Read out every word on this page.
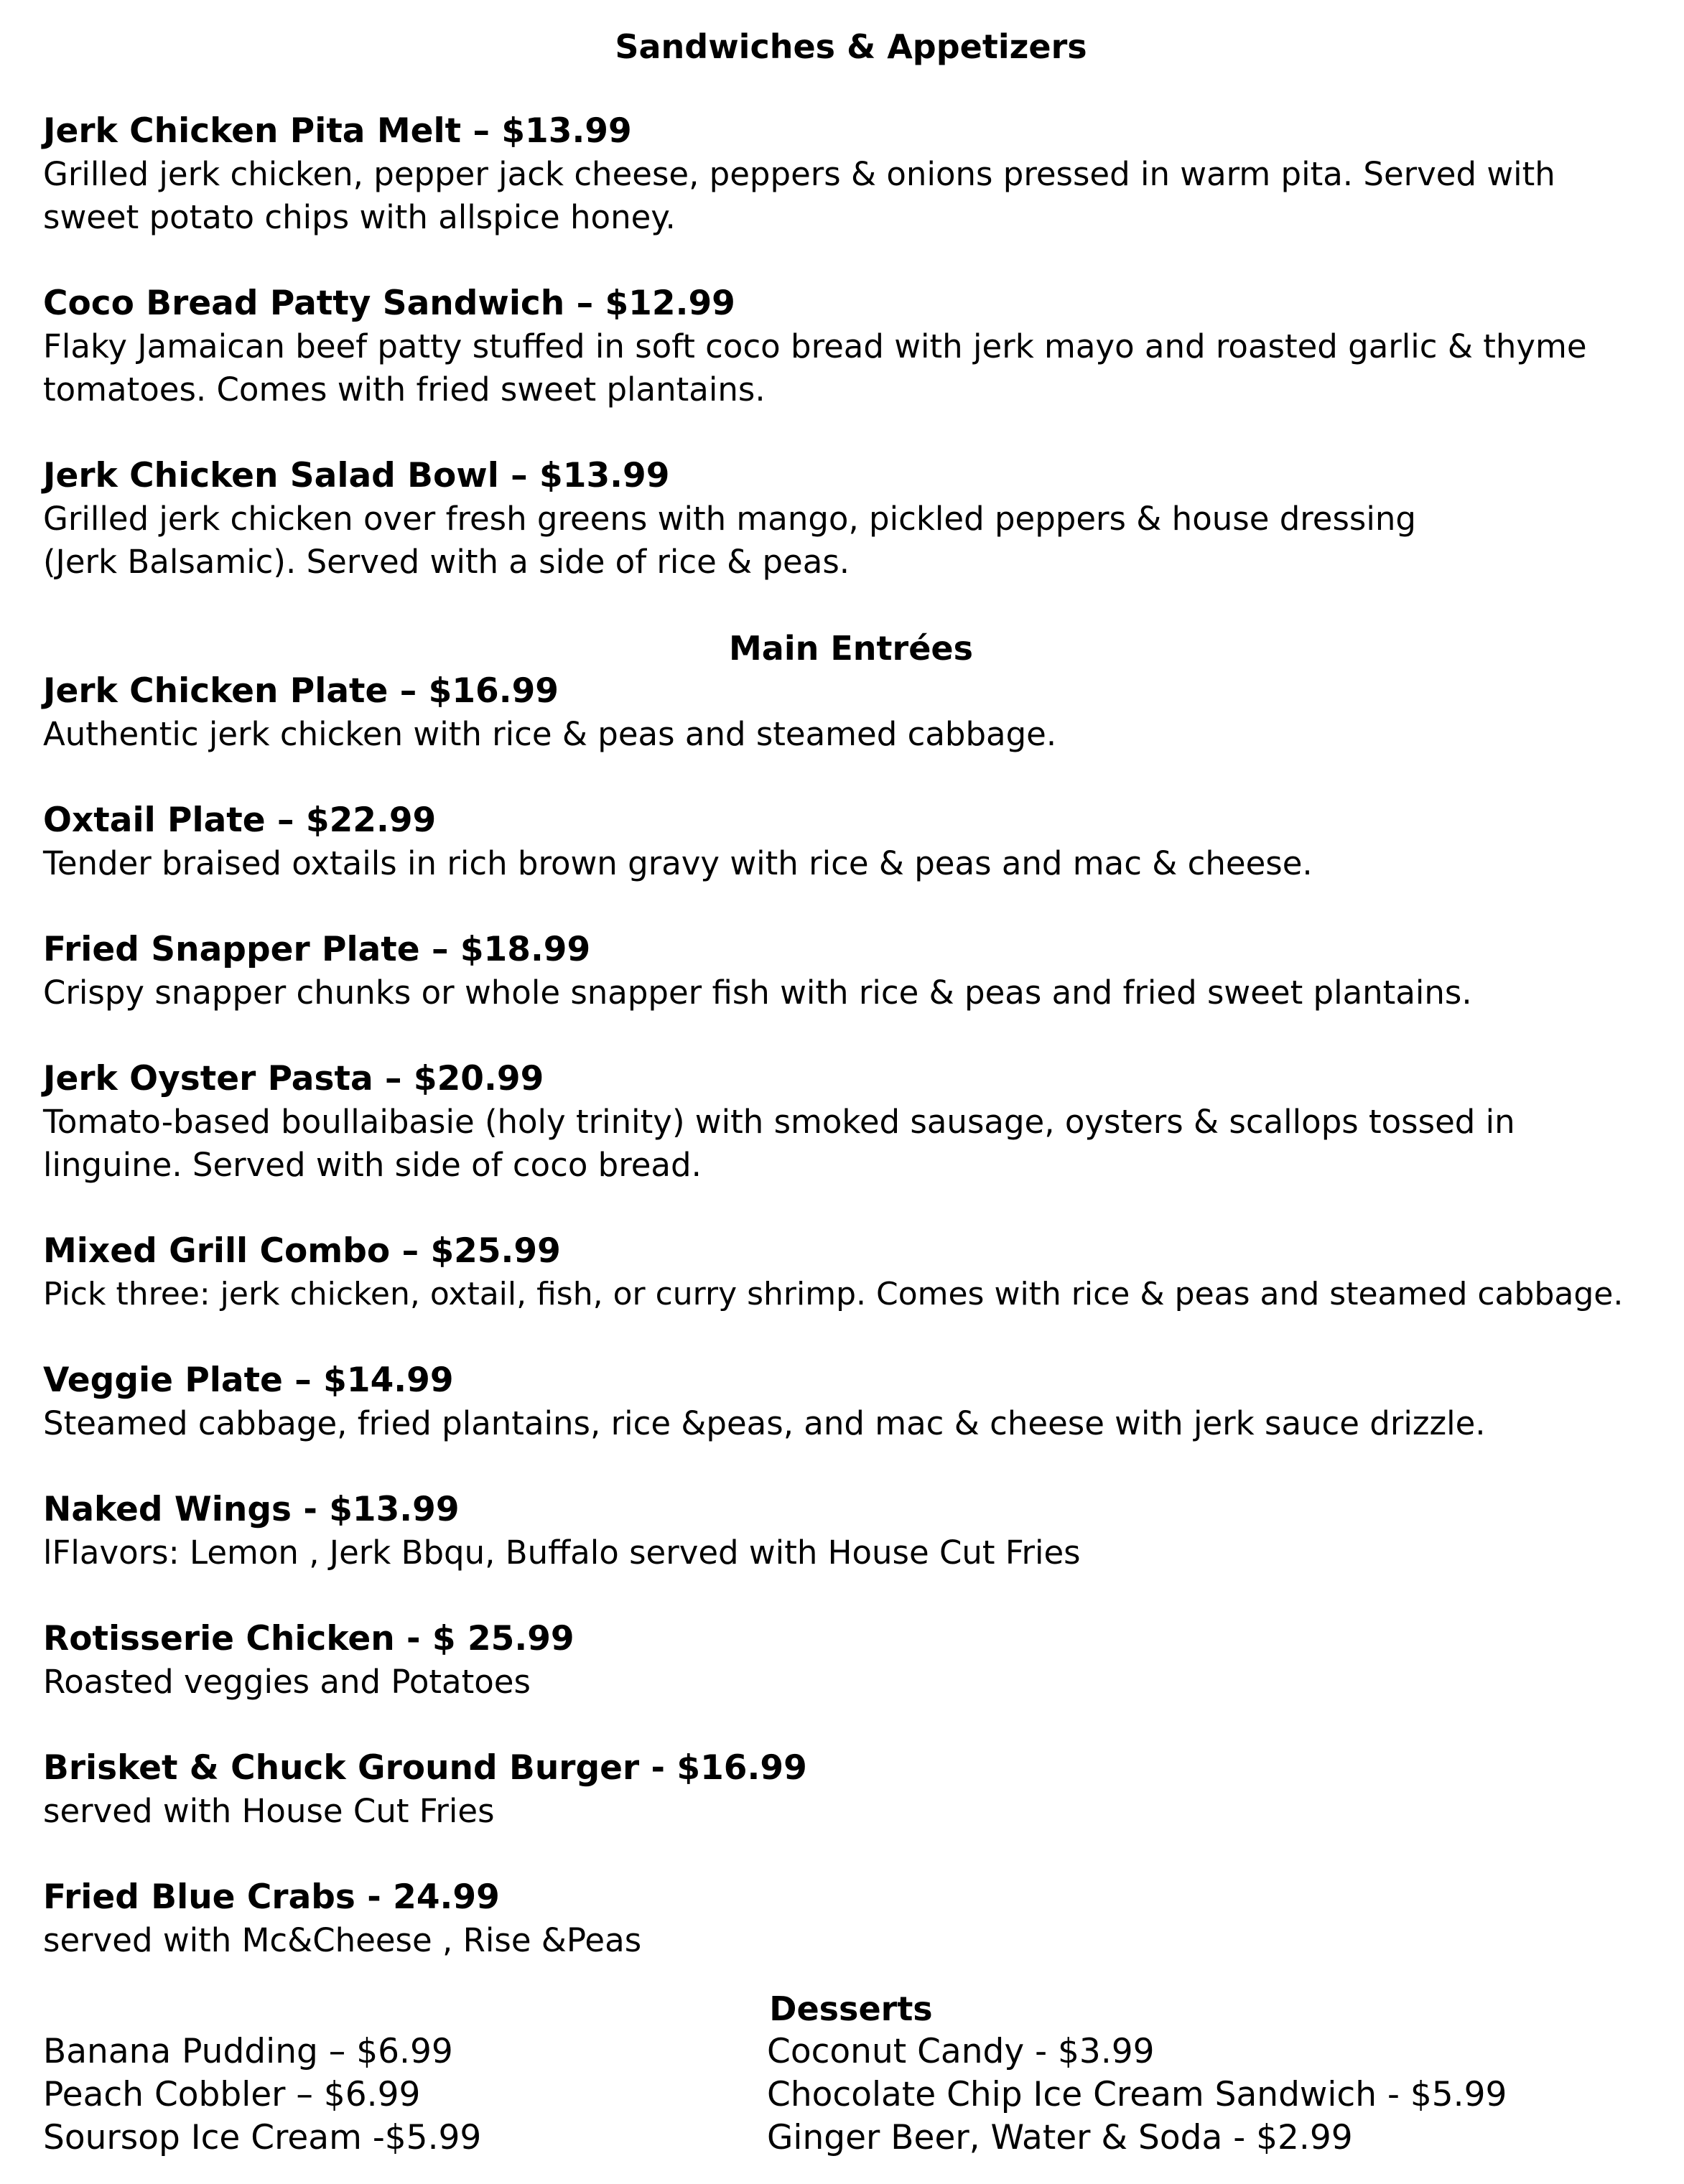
Sandwiches & Appetizers
Jerk Chicken Pita Melt – $13.99
Grilled jerk chicken, pepper jack cheese, peppers & onions pressed in warm pita. Served with sweet potato chips with allspice honey.
Coco Bread Patty Sandwich – $12.99
Flaky Jamaican beef patty stuffed in soft coco bread with jerk mayo and roasted garlic & thyme tomatoes. Comes with fried sweet plantains.
Jerk Chicken Salad Bowl – $13.99
Grilled jerk chicken over fresh greens with mango, pickled peppers & house dressing
(Jerk Balsamic). Served with a side of rice & peas.
Main Entrées
Jerk Chicken Plate – $16.99
Authentic jerk chicken with rice & peas and steamed cabbage.
Oxtail Plate – $22.99
Tender braised oxtails in rich brown gravy with rice & peas and mac & cheese.
Fried Snapper Plate – $18.99
Crispy snapper chunks or whole snapper fish with rice & peas and fried sweet plantains.
Jerk Oyster Pasta – $20.99
Tomato-based boullaibasie (holy trinity) with smoked sausage, oysters & scallops tossed in linguine. Served with side of coco bread.
Mixed Grill Combo – $25.99
Pick three: jerk chicken, oxtail, fish, or curry shrimp. Comes with rice & peas and steamed cabbage.
Veggie Plate – $14.99
Steamed cabbage, fried plantains, rice &peas, and mac & cheese with jerk sauce drizzle.
Naked Wings - $13.99
lFlavors: Lemon , Jerk Bbqu, Buffalo served with House Cut Fries
Rotisserie Chicken - $ 25.99
Roasted veggies and Potatoes
Brisket & Chuck Ground Burger - $16.99
served with House Cut Fries
Fried Blue Crabs - 24.99
served with Mc&Cheese , Rise &Peas
Desserts
Banana Pudding – $6.99
Peach Cobbler – $6.99
Soursop Ice Cream -$5.99
Coconut Candy - $3.99
Chocolate Chip Ice Cream Sandwich - $5.99
Ginger Beer, Water & Soda - $2.99
